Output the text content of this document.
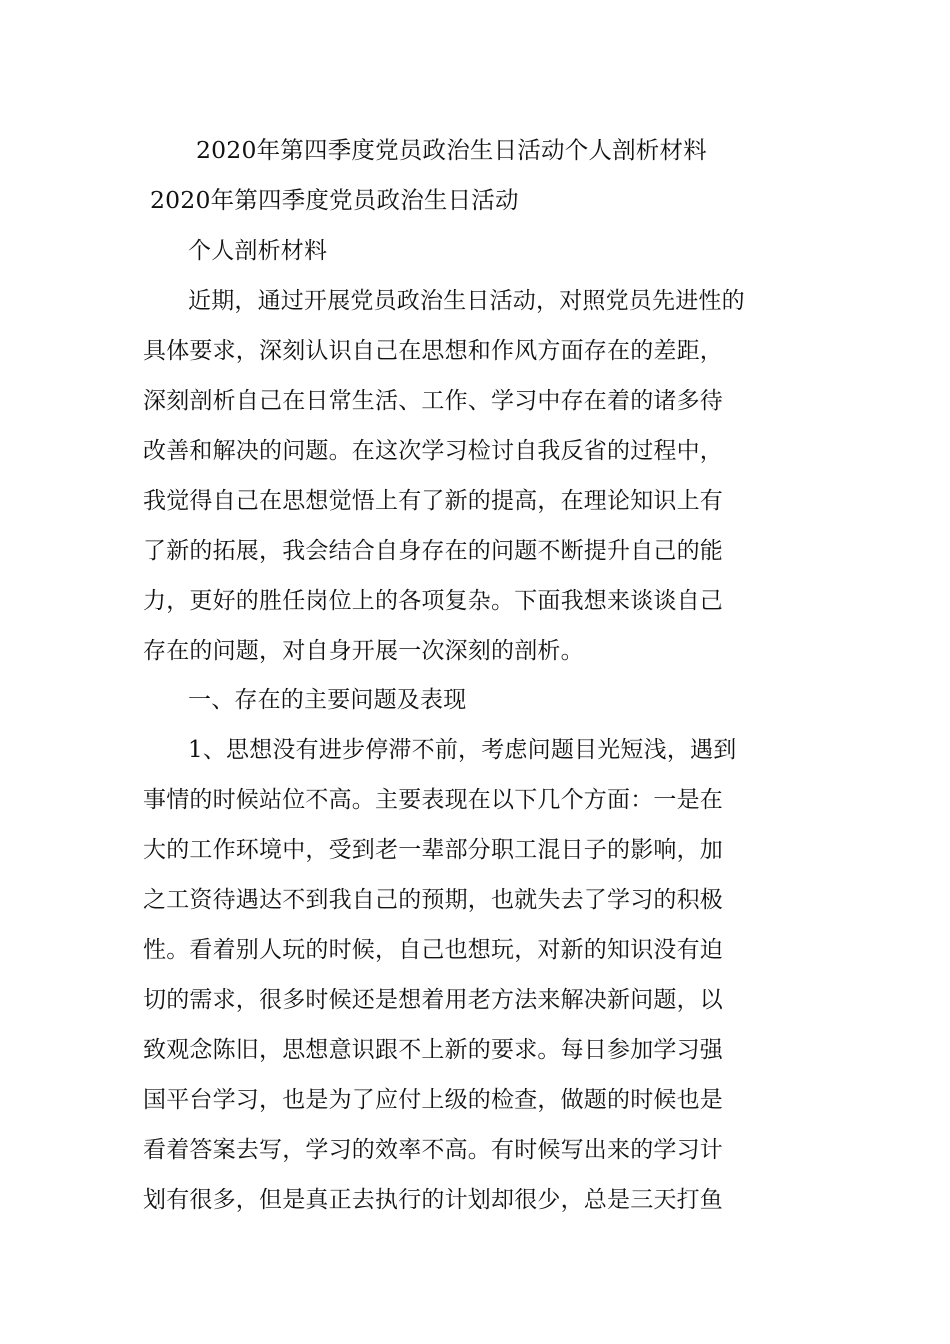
2020年第四季度党员政治生日活动个人剖析材料
2020年第四季度党员政治生日活动
个人剖析材料
近期，通过开展党员政治生日活动，对照党员先进性的
具体要求，深刻认识自己在思想和作风方面存在的差距，
深刻剖析自己在日常生活、工作、学习中存在着的诸多待
改善和解决的问题。在这次学习检讨自我反省的过程中，
我觉得自己在思想觉悟上有了新的提高，在理论知识上有
了新的拓展，我会结合自身存在的问题不断提升自己的能
力，更好的胜任岗位上的各项复杂。下面我想来谈谈自己
存在的问题，对自身开展一次深刻的剖析。
一、存在的主要问题及表现
1、思想没有进步停滞不前，考虑问题目光短浅，遇到
事情的时候站位不高。主要表现在以下几个方面：一是在
大的工作环境中，受到老一辈部分职工混日子的影响，加
之工资待遇达不到我自己的预期，也就失去了学习的积极
性。看着别人玩的时候，自己也想玩，对新的知识没有迫
切的需求，很多时候还是想着用老方法来解决新问题，以
致观念陈旧，思想意识跟不上新的要求。每日参加学习强
国平台学习，也是为了应付上级的检查，做题的时候也是
看着答案去写，学习的效率不高。有时候写出来的学习计
划有很多，但是真正去执行的计划却很少，总是三天打鱼
